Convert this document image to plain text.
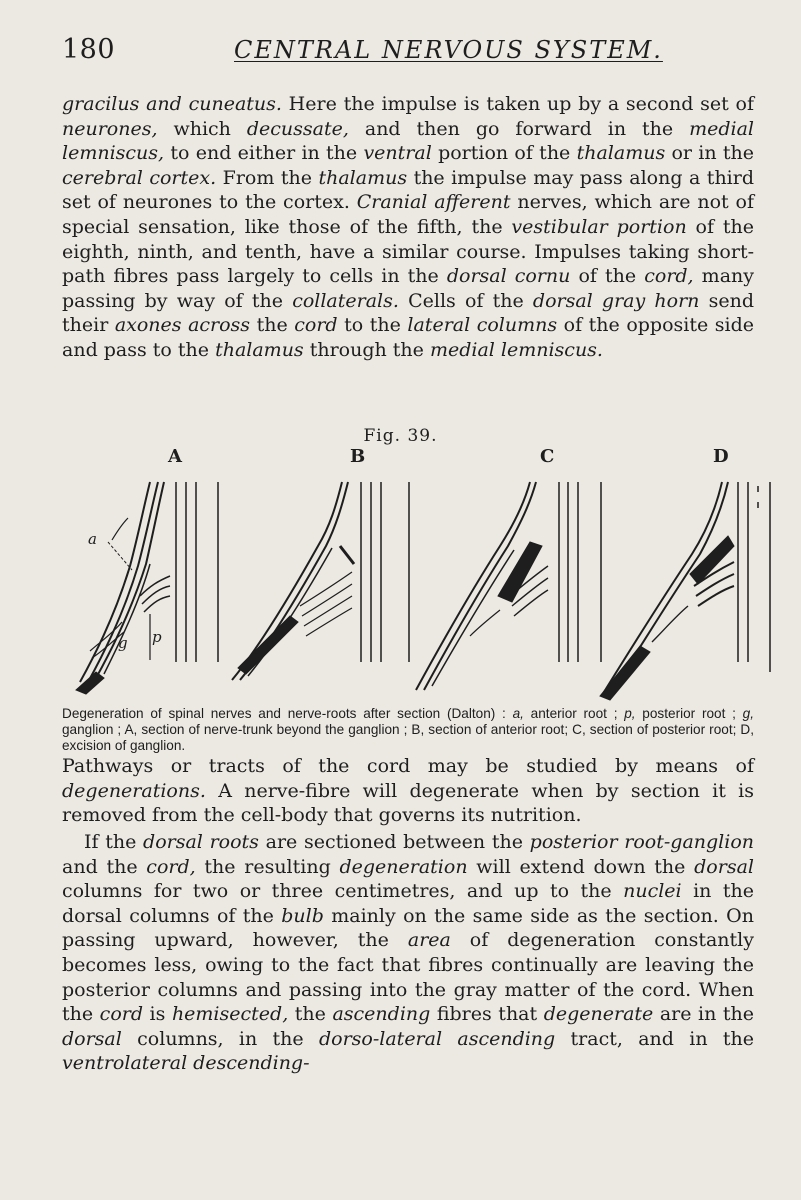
180	CENTRAL NERVOUS SYSTEM.

gracilus and cuneatus. Here the impulse is taken up by a second set of neurones, which decussate, and then go forward in the medial lemniscus, to end either in the ventral portion of the thalamus or in the cerebral cortex. From the thalamus the impulse may pass along a third set of neurones to the cortex. Cranial afferent nerves, which are not of special sensation, like those of the fifth, the vestibular portion of the eighth, ninth, and tenth, have a similar course. Impulses taking short-path fibres pass largely to cells in the dorsal cornu of the cord, many passing by way of the collaterals. Cells of the dorsal gray horn send their axones across the cord to the lateral columns of the opposite side and pass to the thalamus through the medial lemniscus.

Fig. 39.
A	B	C	D
a
g p

Degeneration of spinal nerves and nerve-roots after section (Dalton) : a, anterior root ; p, posterior root ; g, ganglion ; A, section of nerve-trunk beyond the ganglion ; B, section of anterior root; C, section of posterior root; D, excision of ganglion.

Pathways or tracts of the cord may be studied by means of degenerations. A nerve-fibre will degenerate when by section it is removed from the cell-body that governs its nutrition.

If the dorsal roots are sectioned between the posterior root-ganglion and the cord, the resulting degeneration will extend down the dorsal columns for two or three centimetres, and up to the nuclei in the dorsal columns of the bulb mainly on the same side as the section. On passing upward, however, the area of degeneration constantly becomes less, owing to the fact that fibres continually are leaving the posterior columns and passing into the gray matter of the cord. When the cord is hemisected, the ascending fibres that degenerate are in the dorsal columns, in the dorso-lateral ascending tract, and in the ventrolateral descending-
